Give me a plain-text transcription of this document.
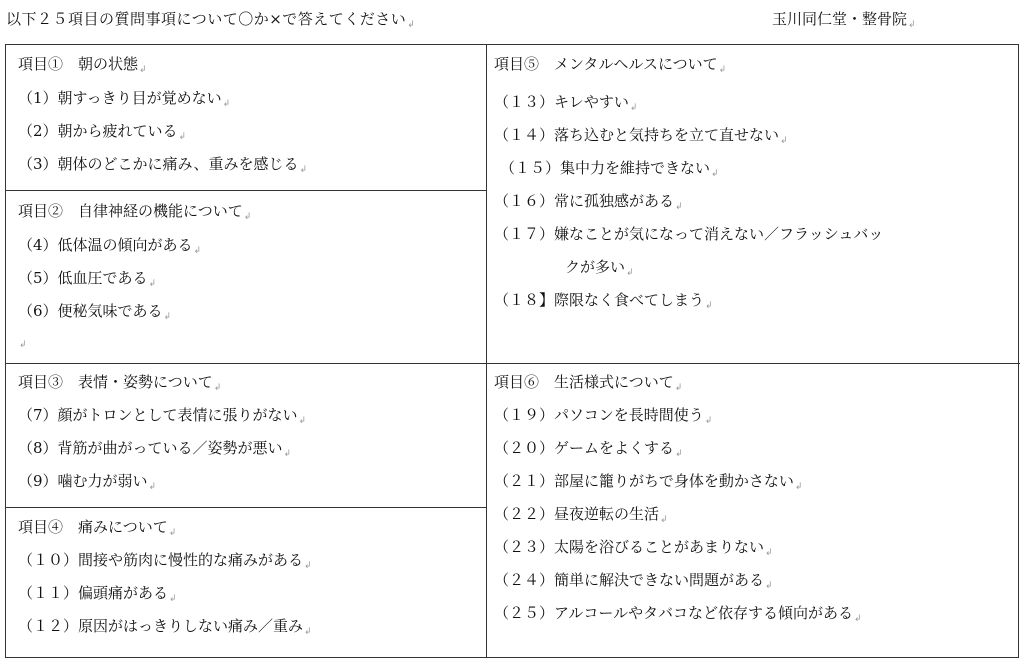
以下２５項目の質問事項について〇か×で答えてください$_↲$	玉川同仁堂・整骨院$_↲$
項目①　朝の状態$_↲$
（1）朝すっきり目が覚めない$_↲$
（2）朝から疲れている$_↲$
（3）朝体のどこかに痛み、重みを感じる$_↲$
項目②　自律神経の機能について$_↲$
（4）低体温の傾向がある$_↲$
（5）低血圧である$_↲$
（6）便秘気味である$_↲$
$_↲$
項目③　表情・姿勢について$_↲$
（7）顔がトロンとして表情に張りがない$_↲$
（8）背筋が曲がっている／姿勢が悪い$_↲$
（9）噛む力が弱い$_↲$
項目④　痛みについて$_↲$
（１０）間接や筋肉に慢性的な痛みがある$_↲$
（１１）偏頭痛がある$_↲$
（１２）原因がはっきりしない痛み／重み$_↲$
項目⑤　メンタルヘルスについて$_↲$
（１３）キレやすい$_↲$
（１４）落ち込むと気持ちを立て直せない$_↲$
（１５）集中力を維持できない$_↲$
（１６）常に孤独感がある$_↲$
（１７）嫌なことが気になって消えない／フラッシュバッ
クが多い$_↲$
（１８】際限なく食べてしまう$_↲$
項目⑥　生活様式について$_↲$
（１９）パソコンを長時間使う$_↲$
（２０）ゲームをよくする$_↲$
（２１）部屋に籠りがちで身体を動かさない$_↲$
（２２）昼夜逆転の生活$_↲$
（２３）太陽を浴びることがあまりない$_↲$
（２４）簡単に解決できない問題がある$_↲$
（２５）アルコールやタバコなど依存する傾向がある$_↲$
